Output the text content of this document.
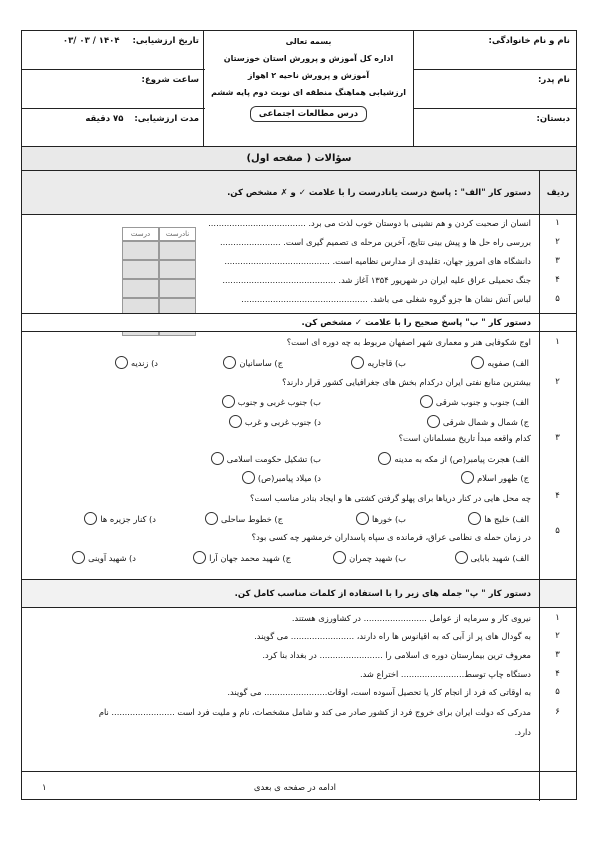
نام و نام خانوادگی:
نام پدر:
دبستان:
بسمه تعالی
اداره کل آموزش و پرورش استان خوزستان
آموزش و پرورش ناحیه ۲ اهواز
ارزشیابی هماهنگ منطقه ای نوبت دوم پایه ششم
درس مطالعات اجتماعی
تاریخ ارزشیابی: ۱۴۰۴ / ۰۳ /۰۳
ساعت شروع:
مدت ارزشیابی: ۷۵ دقیقه
سؤالات ( صفحه اول)
ردیف
دستور کار "الف" : پاسخ درست یانادرست را با علامت ✓ و ✗ مشخص کن.
نادرست
درست
۱
انسان از صحبت کردن و هم نشینی با دوستان خوب لذت می برد. .....................................
۲
بررسی راه حل ها و پیش بینی نتایج، آخرین مرحله ی تصمیم گیری است. .......................
۳
دانشگاه های امروز جهان، تقلیدی از مدارس نظامیه است. ........................................
۴
جنگ تحمیلی عراق علیه ایران در شهریور ۱۳۵۴ آغاز شد. ...........................................
۵
لباس آتش نشان ها جزو گروه شغلی می باشد. ................................................
دستور کار " ب" پاسخ صحیح را با علامت ✓ مشخص کن.
۱
اوج شکوفایی هنر و معماری شهر اصفهان مربوط به چه دوره ای است؟
الف) صفویه
ب) قاجاریه
ج) ساسانیان
د) زندیه
۲
بیشترین منابع نفتی ایران درکدام بخش های جغرافیایی کشور قرار دارند؟
الف) جنوب و جنوب شرقی
ب) جنوب غربی و جنوب
ج) شمال و شمال شرقی
د) جنوب غربی و غرب
۳
کدام واقعه مبدأ تاریخ مسلمانان است؟
الف) هجرت پیامبر(ص) از مکه به مدینه
ب) تشکیل حکومت اسلامی
ج) ظهور اسلام
د) میلاد پیامبر(ص)
۴
چه محل هایی در کنار دریاها برای پهلو گرفتن کشتی ها و ایجاد بنادر مناسب است؟
الف) خلیج ها
ب) خورها
ج) خطوط ساحلی
د) کنار جزیره ها
۵
در زمان حمله ی نظامی عراق، فرمانده ی سپاه پاسداران خرمشهر چه کسی بود؟
الف) شهید بابایی
ب) شهید چمران
ج) شهید محمد جهان آرا
د) شهید آوینی
دستور کار " پ" جمله های زیر را با استفاده از کلمات مناسب کامل کن.
۱
نیروی کار و سرمایه از عوامل ........................ در کشاورزی هستند.
۲
به گودال های پر از آبی که به اقیانوس ها راه دارند، ........................ می گویند.
۳
معروف ترین بیمارستان دوره ی اسلامی را ........................ در بغداد بنا کرد.
۴
دستگاه چاپ توسط........................ اختراع شد.
۵
به اوقاتی که فرد از انجام کار یا تحصیل آسوده است، اوقات........................ می گویند.
۶
مدرکی که دولت ایران برای خروج فرد از کشور صادر می کند و شامل مشخصات، نام و ملیت فرد است ........................ نام
دارد.
ادامه در صفحه ی بعدی
۱
